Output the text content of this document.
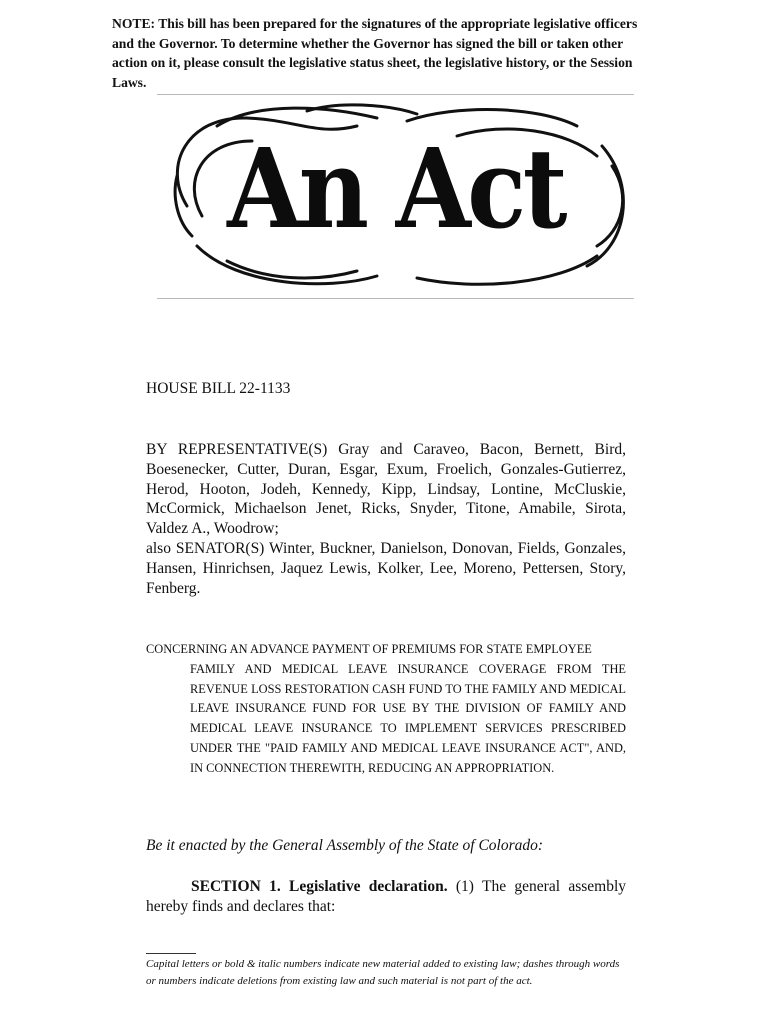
NOTE: This bill has been prepared for the signatures of the appropriate legislative officers and the Governor. To determine whether the Governor has signed the bill or taken other action on it, please consult the legislative status sheet, the legislative history, or the Session Laws.
An Act
HOUSE BILL 22-1133

BY REPRESENTATIVE(S) Gray and Caraveo, Bacon, Bernett, Bird, Boesenecker, Cutter, Duran, Esgar, Exum, Froelich, Gonzales-Gutierrez, Herod, Hooton, Jodeh, Kennedy, Kipp, Lindsay, Lontine, McCluskie, McCormick, Michaelson Jenet, Ricks, Snyder, Titone, Amabile, Sirota, Valdez A., Woodrow;

also SENATOR(S) Winter, Buckner, Danielson, Donovan, Fields, Gonzales, Hansen, Hinrichsen, Jaquez Lewis, Kolker, Lee, Moreno, Pettersen, Story, Fenberg.

CONCERNING AN ADVANCE PAYMENT OF PREMIUMS FOR STATE EMPLOYEE
FAMILY AND MEDICAL LEAVE INSURANCE COVERAGE FROM THE REVENUE LOSS RESTORATION CASH FUND TO THE FAMILY AND MEDICAL LEAVE INSURANCE FUND FOR USE BY THE DIVISION OF FAMILY AND MEDICAL LEAVE INSURANCE TO IMPLEMENT SERVICES PRESCRIBED UNDER THE "PAID FAMILY AND MEDICAL LEAVE INSURANCE ACT", AND, IN CONNECTION THEREWITH, REDUCING AN APPROPRIATION.
Be it enacted by the General Assembly of the State of Colorado:
SECTION 1. Legislative declaration. (1) The general assembly hereby finds and declares that:
Capital letters or bold & italic numbers indicate new material added to existing law; dashes through words or numbers indicate deletions from existing law and such material is not part of the act.
